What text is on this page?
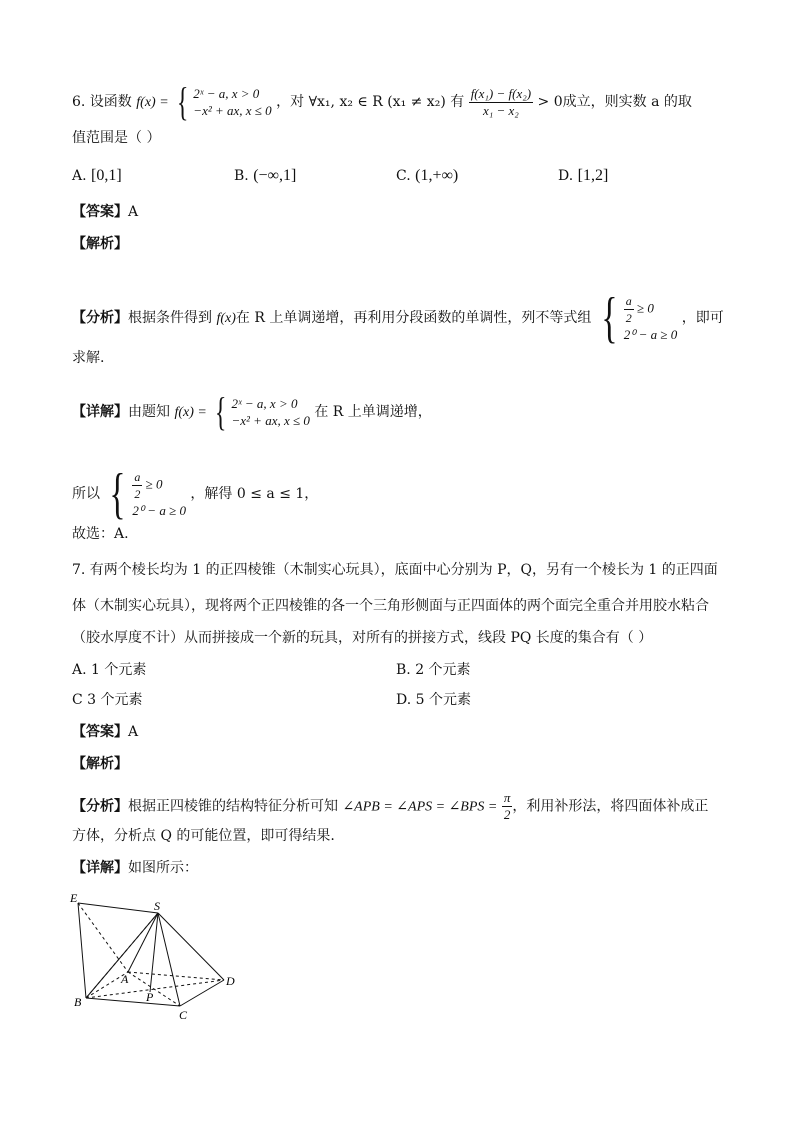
6. 设函数 f(x) = { 2ˣ − a, x > 0
−x² + ax, x ≤ 0
，对 ∀x₁, x₂ ∈ R (x₁ ≠ x₂) 有 $\frac{\text{f(x₁) − f(x₂)}}{\text{x₁ − x₂}} > 0$成立，则实数 a 的取
值范围是（ ）
A. [0,1]	B. (−∞,1]	C. (1,+∞)	D. [1,2]
【答案】A
【解析】
【分析】根据条件得到 f(x)在 R 上单调递增，再利用分段函数的单调性，列不等式组 { $\frac{a}{2} \ge 0$
2⁰ − a ≥ 0
，即可
求解.
【详解】由题知 f(x) = { 2ˣ − a, x > 0
−x² + ax, x ≤ 0
在 R 上单调递增，
所以 { $\frac{a}{2} \ge 0$
2⁰ − a ≥ 0
，解得 0 ≤ a ≤ 1，
故选：A.
7. 有两个棱长均为 1 的正四棱锥（木制实心玩具），底面中心分别为 P，Q，另有一个棱长为 1 的正四面
体（木制实心玩具），现将两个正四棱锥的各一个三角形侧面与正四面体的两个面完全重合并用胶水粘合
（胶水厚度不计）从而拼接成一个新的玩具，对所有的拼接方式，线段 PQ 长度的集合有（ ）
A. 1 个元素	B. 2 个元素
C 3 个元素	D. 5 个元素
【答案】A
【解析】
【分析】根据正四棱锥的结构特征分析可知 ∠APB = ∠APS = ∠BPS = $\frac{\pi}{2}$ ，利用补形法，将四面体补成正
方体，分析点 Q 的可能位置，即可得结果.
【详解】如图所示：
E
S
A	D
B	P
C
